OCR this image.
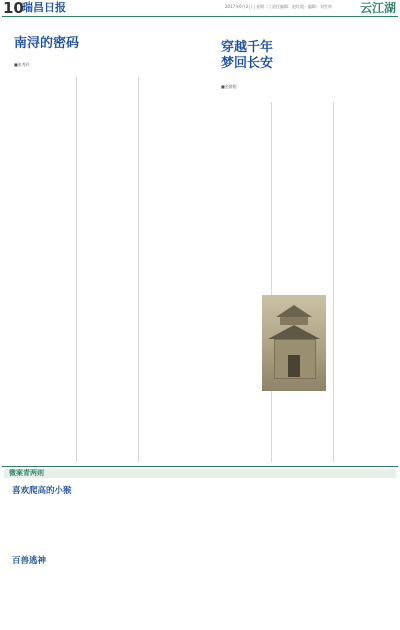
10
瑞昌日报	2017年6月2日 | 星期二 | 责任编辑：赵红霞 · 编辑：刘雪荣 云江湖
南浔的密码
■张秀玲
穿越千年
梦回长安
■金群根
微案青两则
喜欢爬高的小猴
百兽逃神
